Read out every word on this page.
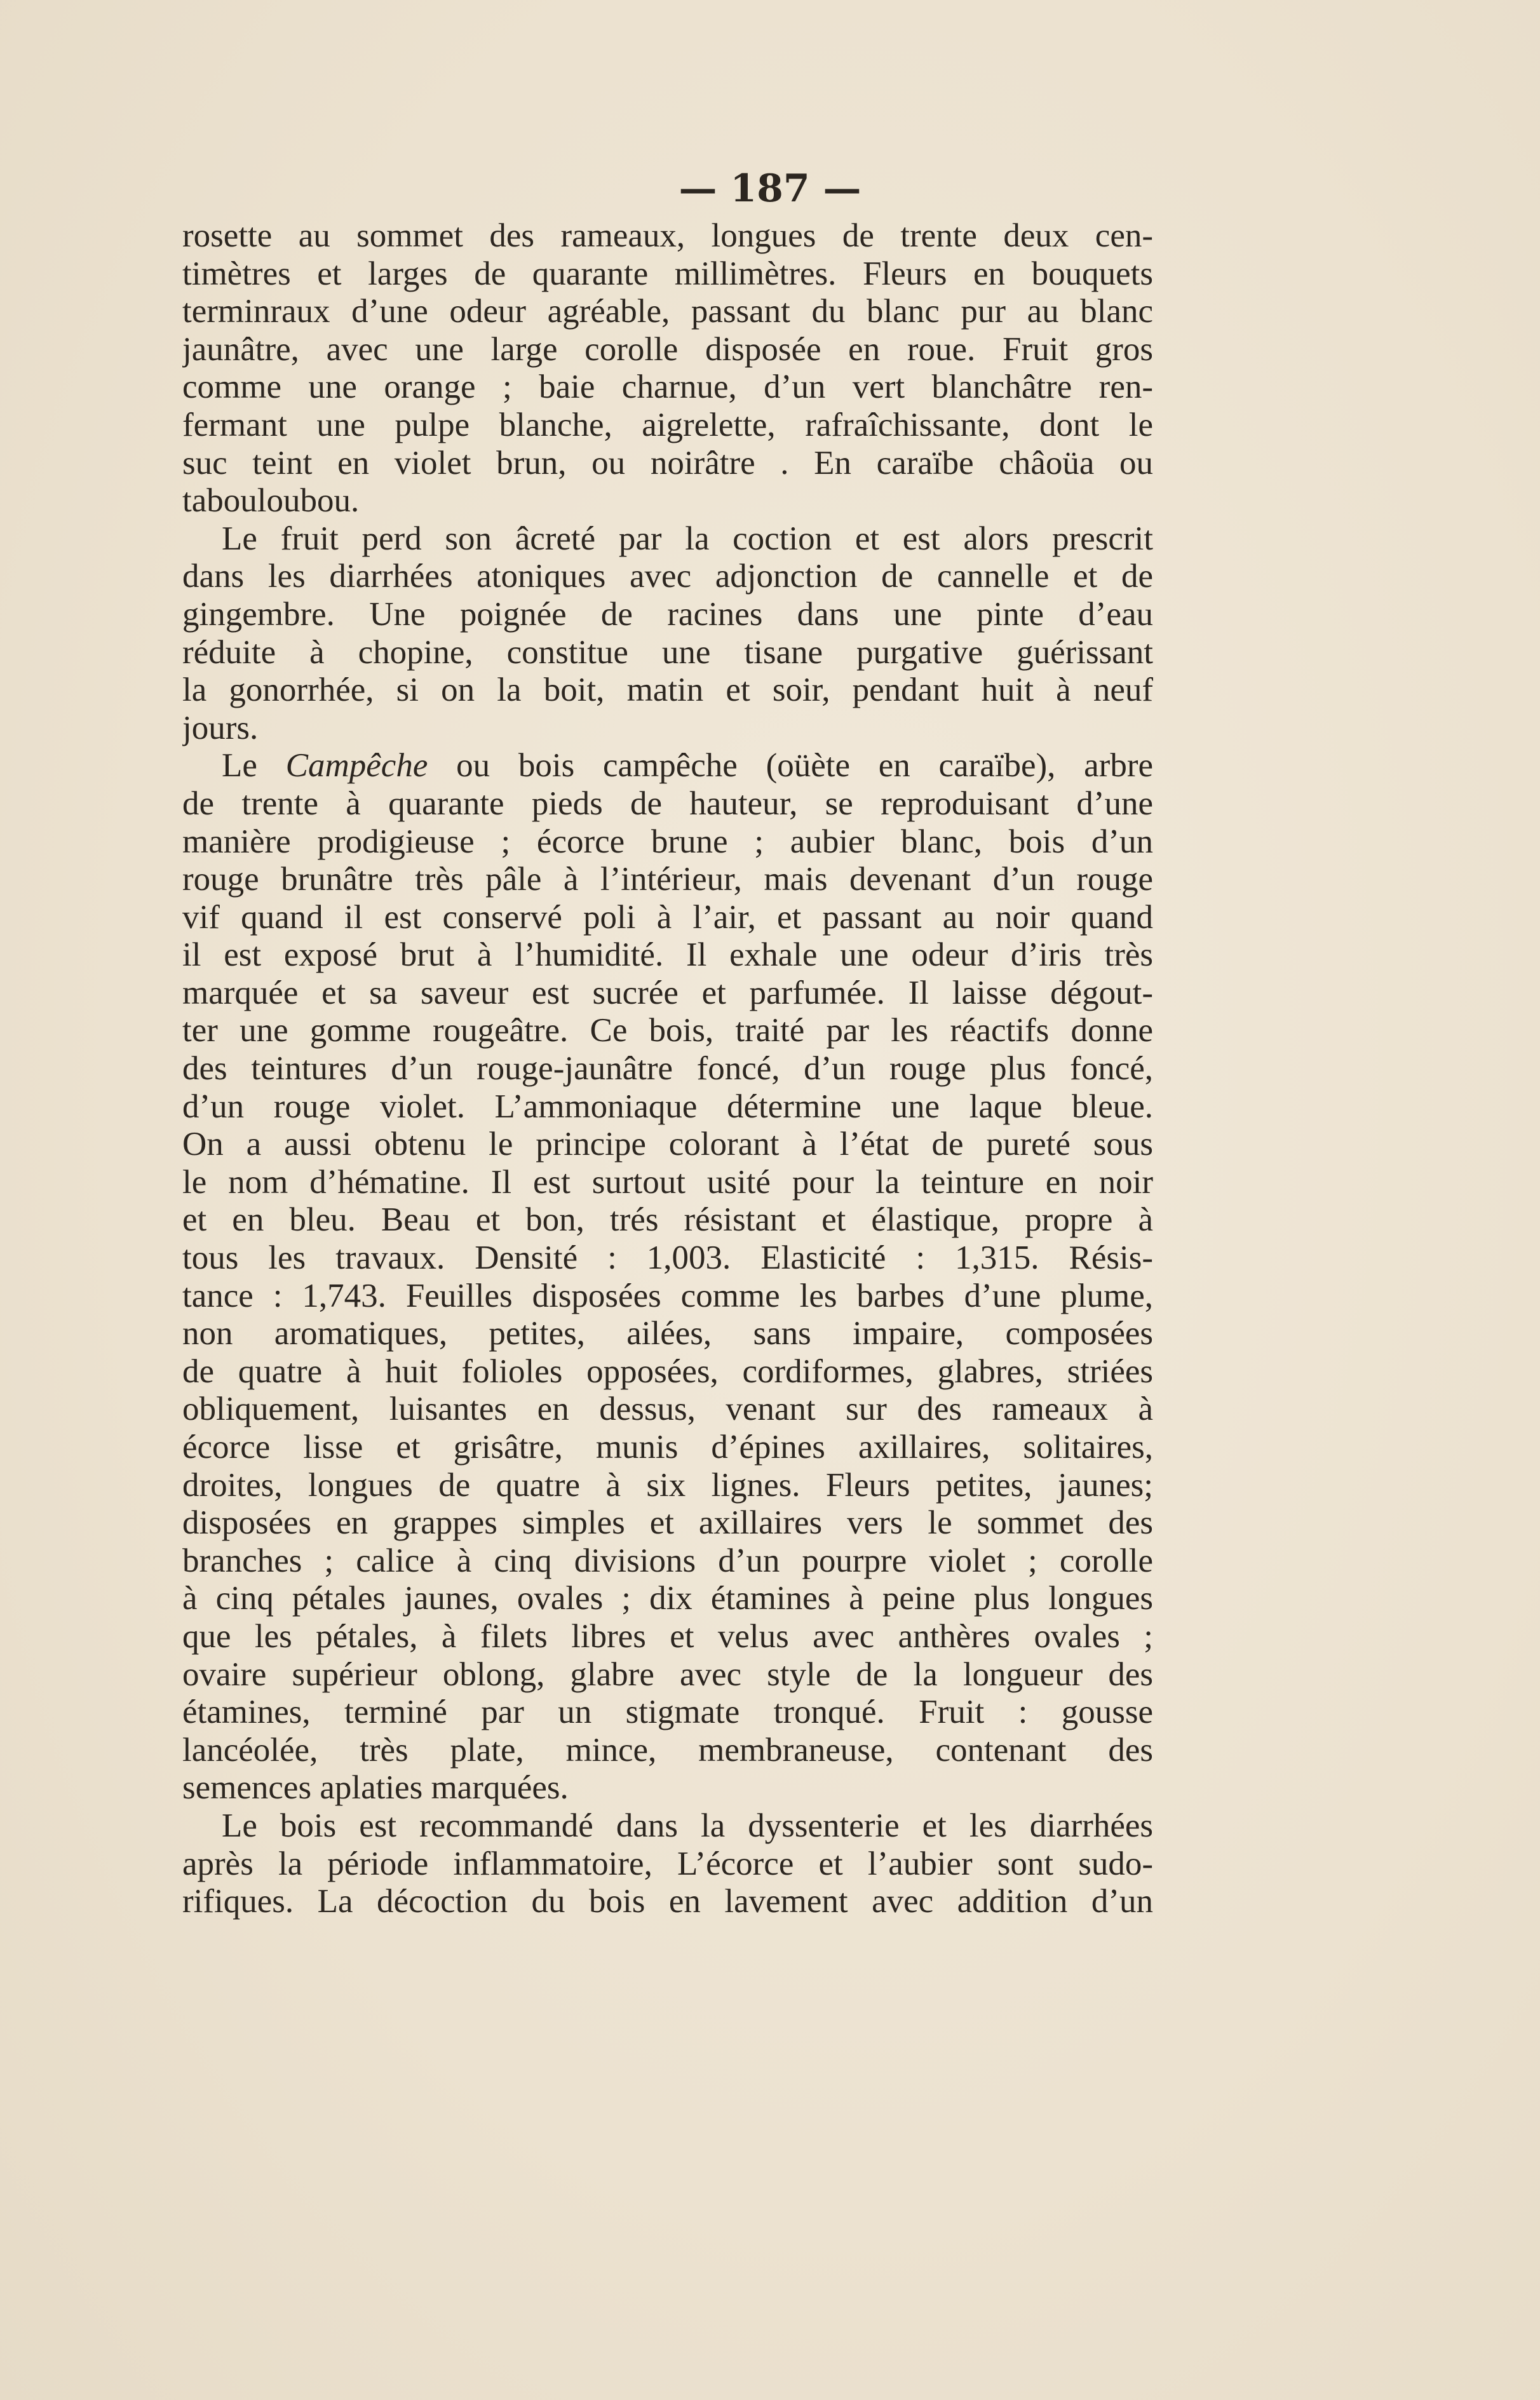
— 187 —
rosette au sommet des rameaux, longues de trente deux cen-
timètres et larges de quarante millimètres. Fleurs en bouquets
terminraux d’une odeur agréable, passant du blanc pur au blanc
jaunâtre, avec une large corolle disposée en roue. Fruit gros
comme une orange ; baie charnue, d’un vert blanchâtre ren-
fermant une pulpe blanche, aigrelette, rafraîchissante, dont le
suc teint en violet brun, ou noirâtre . En caraïbe châoüa ou
tabouloubou.
Le fruit perd son âcreté par la coction et est alors prescrit
dans les diarrhées atoniques avec adjonction de cannelle et de
gingembre. Une poignée de racines dans une pinte d’eau
réduite à chopine, constitue une tisane purgative guérissant
la gonorrhée, si on la boit, matin et soir, pendant huit à neuf
jours.
Le Campêche ou bois campêche (oüète en caraïbe), arbre
de trente à quarante pieds de hauteur, se reproduisant d’une
manière prodigieuse ; écorce brune ; aubier blanc, bois d’un
rouge brunâtre très pâle à l’intérieur, mais devenant d’un rouge
vif quand il est conservé poli à l’air, et passant au noir quand
il est exposé brut à l’humidité. Il exhale une odeur d’iris très
marquée et sa saveur est sucrée et parfumée. Il laisse dégout-
ter une gomme rougeâtre. Ce bois, traité par les réactifs donne
des teintures d’un rouge-jaunâtre foncé, d’un rouge plus foncé,
d’un rouge violet. L’ammoniaque détermine une laque bleue.
On a aussi obtenu le principe colorant à l’état de pureté sous
le nom d’hématine. Il est surtout usité pour la teinture en noir
et en bleu. Beau et bon, trés résistant et élastique, propre à
tous les travaux. Densité : 1,003. Elasticité : 1,315. Résis-
tance : 1,743. Feuilles disposées comme les barbes d’une plume,
non aromatiques, petites, ailées, sans impaire, composées
de quatre à huit folioles opposées, cordiformes, glabres, striées
obliquement, luisantes en dessus, venant sur des rameaux à
écorce lisse et grisâtre, munis d’épines axillaires, solitaires,
droites, longues de quatre à six lignes. Fleurs petites, jaunes;
disposées en grappes simples et axillaires vers le sommet des
branches ; calice à cinq divisions d’un pourpre violet ; corolle
à cinq pétales jaunes, ovales ; dix étamines à peine plus longues
que les pétales, à filets libres et velus avec anthères ovales ;
ovaire supérieur oblong, glabre avec style de la longueur des
étamines, terminé par un stigmate tronqué. Fruit : gousse
lancéolée, très plate, mince, membraneuse, contenant des
semences aplaties marquées.
Le bois est recommandé dans la dyssenterie et les diarrhées
après la période inflammatoire, L’écorce et l’aubier sont sudo-
rifiques. La décoction du bois en lavement avec addition d’un
